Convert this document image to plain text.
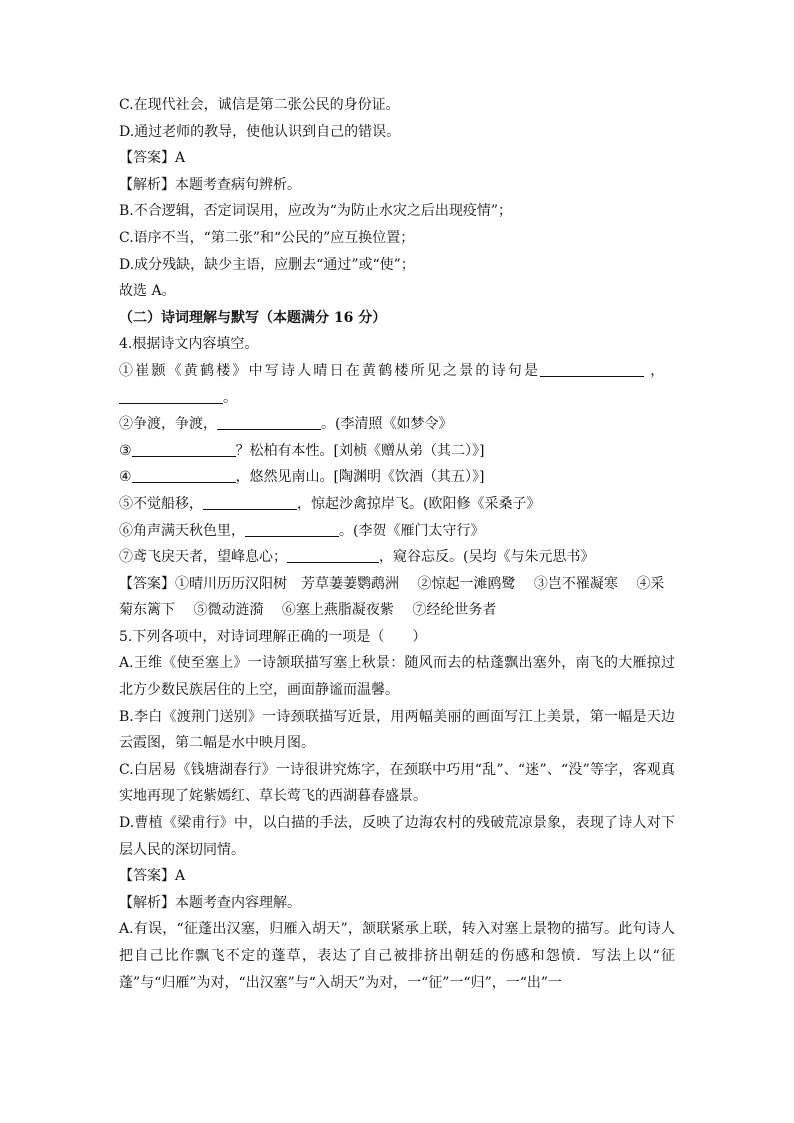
C.在现代社会，诚信是第二张公民的身份证。
D.通过老师的教导，使他认识到自己的错误。
【答案】A
【解析】本题考查病句辨析。
B.不合逻辑，否定词误用，应改为“为防止水灾之后出现疫情”；
C.语序不当，“第二张”和“公民的”应互换位置；
D.成分残缺，缺少主语，应删去“通过”或“使”；
故选 A。
（二）诗词理解与默写（本题满分 16 分）
4.根据诗文内容填空。
①崔颢《黄鹤楼》中写诗人晴日在黄鹤楼所见之景的诗句是	，
。
②争渡，争渡，	。(李清照《如梦令》
③	？松柏有本性。[刘桢《赠从弟（其二）》]
④	，悠然见南山。[陶渊明《饮酒（其五）》]
⑤不觉船移，	，惊起沙禽掠岸飞。(欧阳修《采桑子》
⑥角声满天秋色里，	。(李贺《雁门太守行》
⑦鸢飞戾天者，望峰息心；	，窥谷忘反。(吴均《与朱元思书》
【答案】①晴川历历汉阳树　芳草萋萋鹦鹉洲 ②惊起一滩鸥鹭 ③岂不罹凝寒 ④采菊东篱下 ⑤微动涟漪 ⑥塞上燕脂凝夜紫 ⑦经纶世务者
5.下列各项中，对诗词理解正确的一项是（　　）
A.王维《使至塞上》一诗颔联描写塞上秋景：随风而去的枯蓬飘出塞外，南飞的大雁掠过北方少数民族居住的上空，画面静谧而温馨。
B.李白《渡荆门送别》一诗颈联描写近景，用两幅美丽的画面写江上美景，第一幅是天边云霞图，第二幅是水中映月图。
C.白居易《钱塘湖春行》一诗很讲究炼字，在颈联中巧用“乱”、“迷”、“没”等字，客观真实地再现了姹紫嫣红、草长莺飞的西湖暮春盛景。
D.曹植《梁甫行》中，以白描的手法，反映了边海农村的残破荒凉景象，表现了诗人对下层人民的深切同情。
【答案】A
【解析】本题考查内容理解。
A.有误，“征蓬出汉塞，归雁入胡天”，颔联紧承上联，转入对塞上景物的描写。此句诗人把自己比作飘飞不定的蓬草，表达了自己被排挤出朝廷的伤感和怨愤．写法上以“征蓬”与“归雁”为对，“出汉塞”与“入胡天”为对，一“征”一“归”，一“出”一
